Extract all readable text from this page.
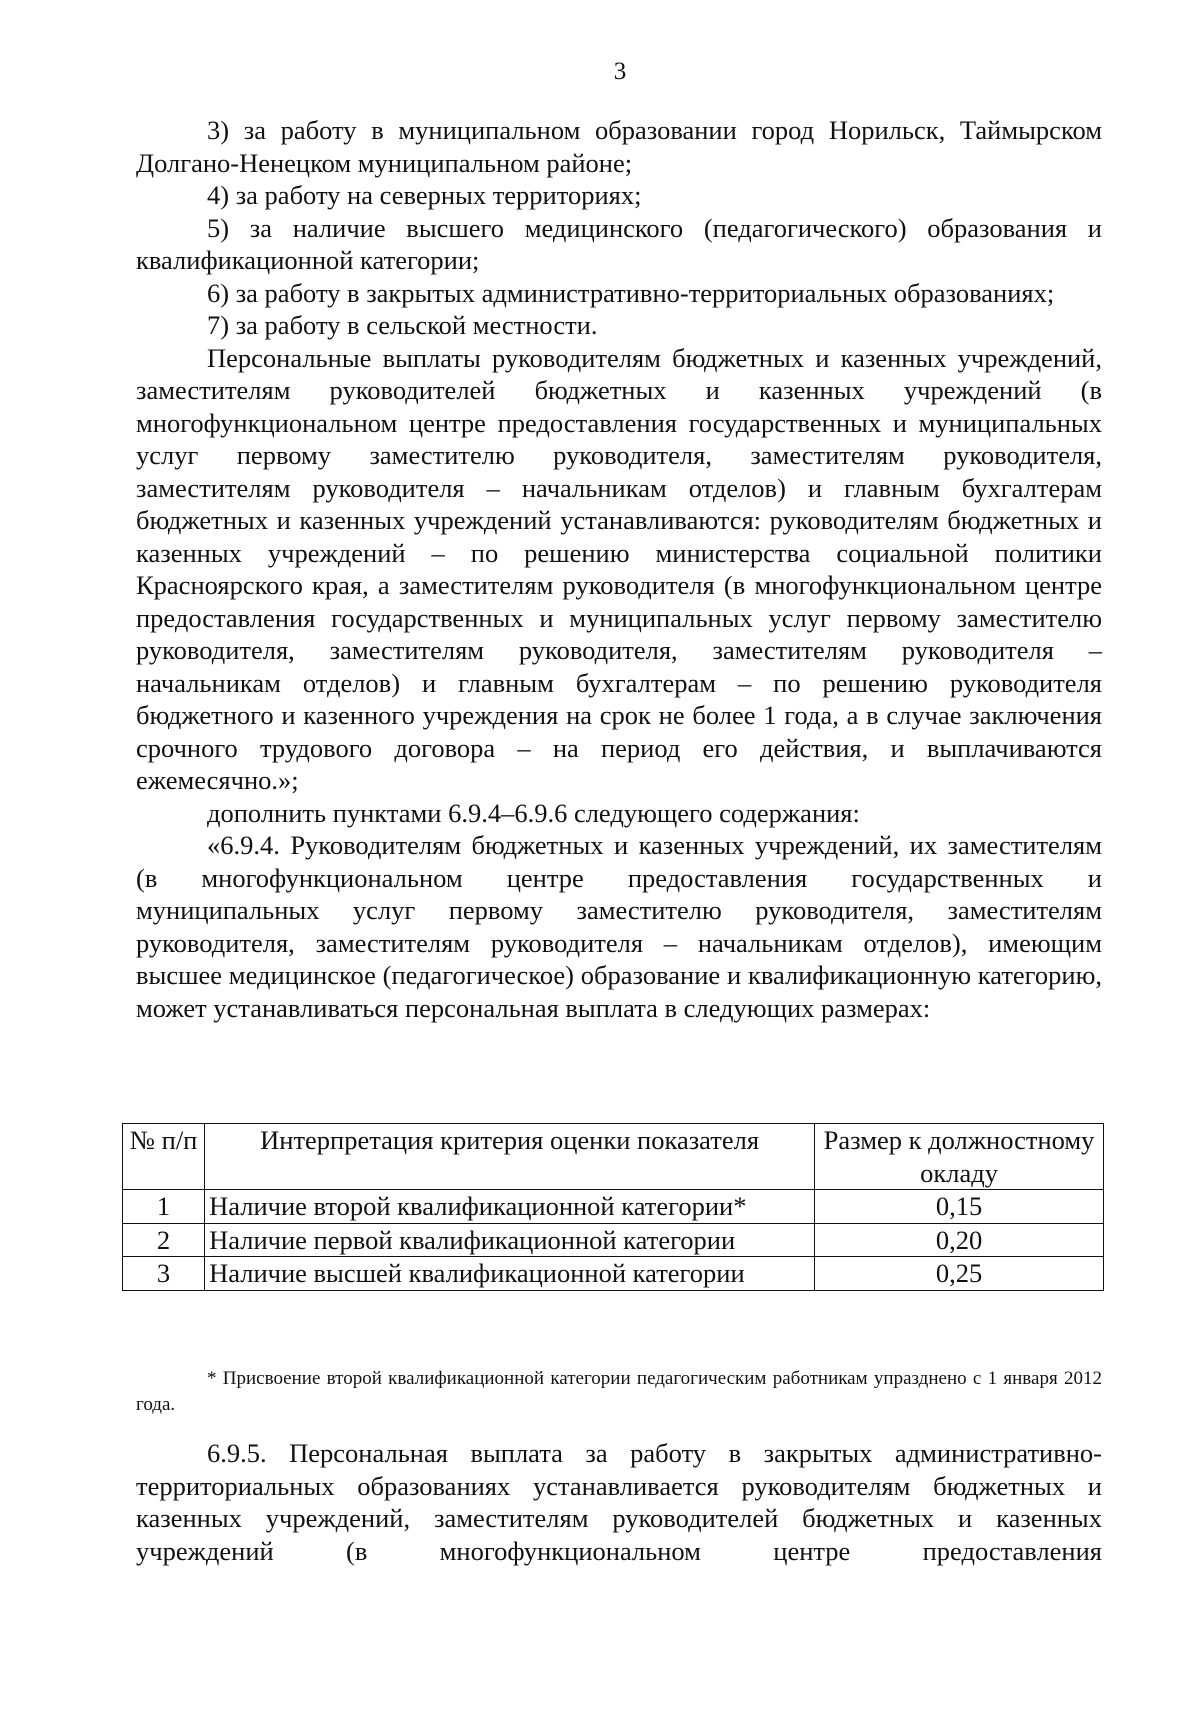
3

3) за работу в муниципальном образовании город Норильск, Таймырском Долгано-Ненецком муниципальном районе;

4) за работу на северных территориях;

5) за наличие высшего медицинского (педагогического) образования и квалификационной категории;

6) за работу в закрытых административно-территориальных образованиях;

7) за работу в сельской местности.

Персональные выплаты руководителям бюджетных и казенных учреждений, заместителям руководителей бюджетных и казенных учреждений (в многофункциональном центре предоставления государственных и муниципальных услуг первому заместителю руководителя, заместителям руководителя, заместителям руководителя – начальникам отделов) и главным бухгалтерам бюджетных и казенных учреждений устанавливаются: руководителям бюджетных и казенных учреждений – по решению министерства социальной политики Красноярского края, а заместителям руководителя (в многофункциональном центре предоставления государственных и муниципальных услуг первому заместителю руководителя, заместителям руководителя, заместителям руководителя – начальникам отделов) и главным бухгалтерам – по решению руководителя бюджетного и казенного учреждения на срок не более 1 года, а в случае заключения срочного трудового договора – на период его действия, и выплачиваются ежемесячно.»;

дополнить пунктами 6.9.4–6.9.6 следующего содержания:

«6.9.4. Руководителям бюджетных и казенных учреждений, их заместителям (в многофункциональном центре предоставления государственных и муниципальных услуг первому заместителю руководителя, заместителям руководителя, заместителям руководителя – начальникам отделов), имеющим высшее медицинское (педагогическое) образование и квалификационную категорию, может устанавливаться персональная выплата в следующих размерах:

№ п/п	Интерпретация критерия оценки показателя	Размер к должностному окладу
1	Наличие второй квалификационной категории*	0,15
2	Наличие первой квалификационной категории	0,20
3	Наличие высшей квалификационной категории	0,25
* Присвоение второй квалификационной категории педагогическим работникам упразднено с 1 января 2012 года.

6.9.5. Персональная выплата за работу в закрытых административно-территориальных образованиях устанавливается руководителям бюджетных и казенных учреждений, заместителям руководителей бюджетных и казенных учреждений (в многофункциональном центре предоставления
